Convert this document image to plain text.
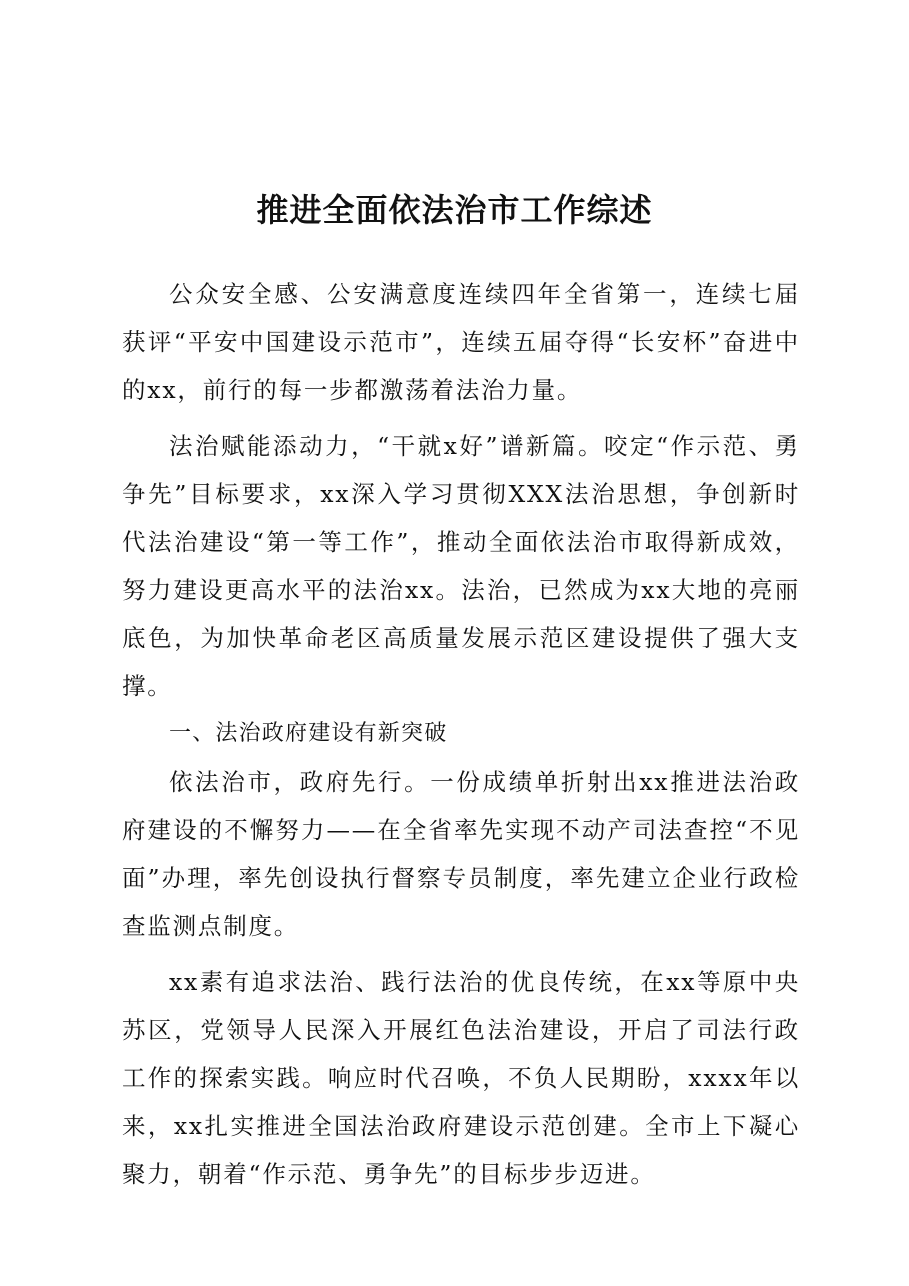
推进全面依法治市工作综述

公众安全感、公安满意度连续四年全省第一，连续七届获评“平安中国建设示范市”，连续五届夺得“长安杯”奋进中的xx，前行的每一步都激荡着法治力量。

法治赋能添动力，“干就x好”谱新篇。咬定“作示范、勇争先”目标要求，xx深入学习贯彻XXX法治思想，争创新时代法治建设“第一等工作”，推动全面依法治市取得新成效，努力建设更高水平的法治xx。法治，已然成为xx大地的亮丽底色，为加快革命老区高质量发展示范区建设提供了强大支撑。

一、法治政府建设有新突破

依法治市，政府先行。一份成绩单折射出xx推进法治政府建设的不懈努力——在全省率先实现不动产司法查控“不见面”办理，率先创设执行督察专员制度，率先建立企业行政检查监测点制度。

xx素有追求法治、践行法治的优良传统，在xx等原中央苏区，党领导人民深入开展红色法治建设，开启了司法行政工作的探索实践。响应时代召唤，不负人民期盼，xxxx年以来，xx扎实推进全国法治政府建设示范创建。全市上下凝心聚力，朝着“作示范、勇争先”的目标步步迈进。
